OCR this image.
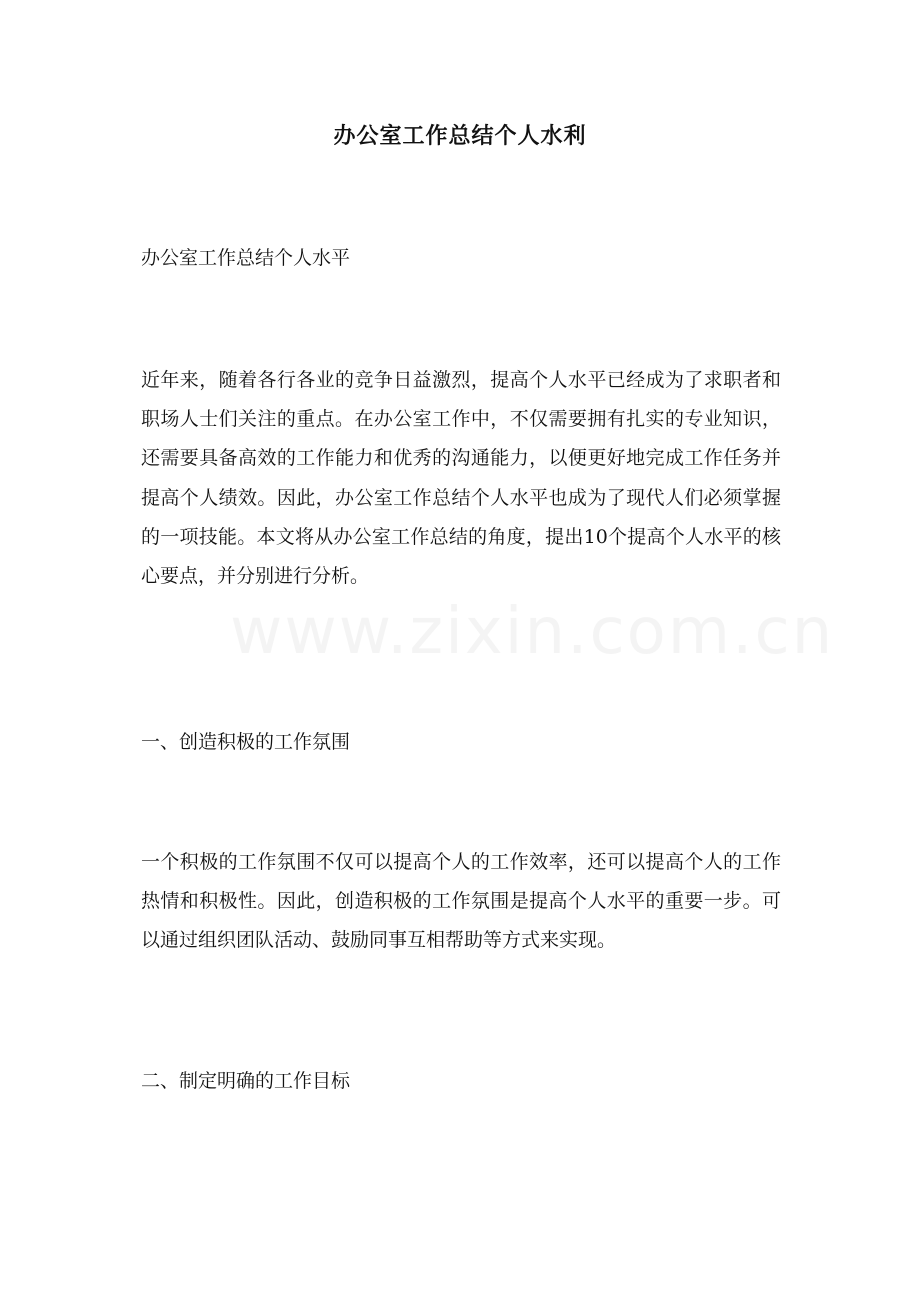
办公室工作总结个人水利
办公室工作总结个人水平

近年来，随着各行各业的竞争日益激烈，提高个人水平已经成为了求职者和职场人士们关注的重点。在办公室工作中，不仅需要拥有扎实的专业知识，还需要具备高效的工作能力和优秀的沟通能力，以便更好地完成工作任务并提高个人绩效。因此，办公室工作总结个人水平也成为了现代人们必须掌握的一项技能。本文将从办公室工作总结的角度，提出10个提高个人水平的核心要点，并分别进行分析。

一、创造积极的工作氛围

一个积极的工作氛围不仅可以提高个人的工作效率，还可以提高个人的工作热情和积极性。因此，创造积极的工作氛围是提高个人水平的重要一步。可以通过组织团队活动、鼓励同事互相帮助等方式来实现。

二、制定明确的工作目标
www.zixin.com.cn
